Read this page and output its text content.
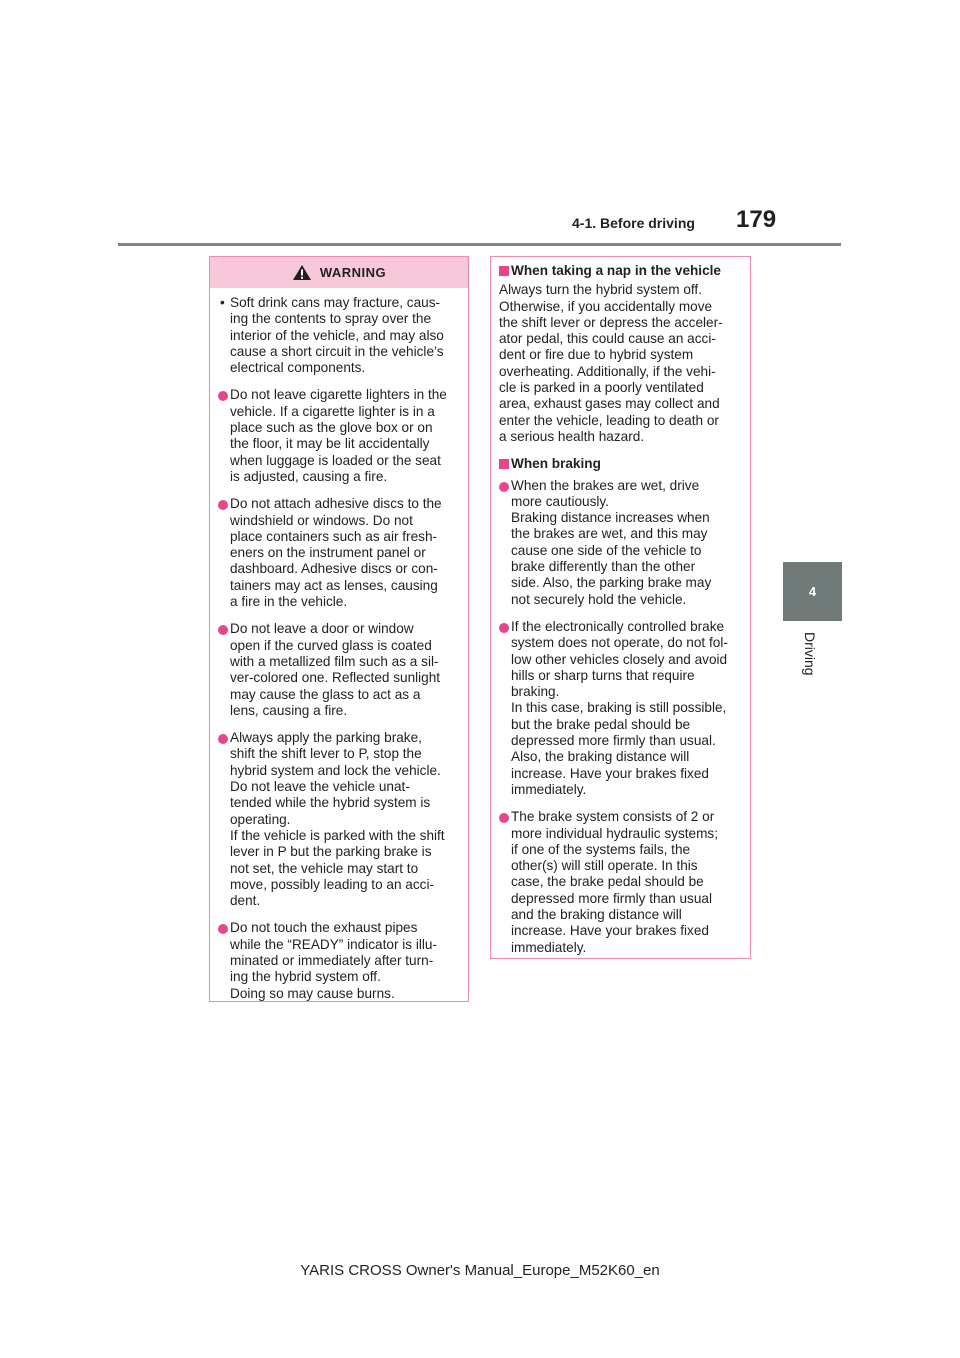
4-1. Before driving 179
4
Driving
WARNING
• Soft drink cans may fracture, caus-
ing the contents to spray over the
interior of the vehicle, and may also
cause a short circuit in the vehicle’s
electrical components.
Do not leave cigarette lighters in the
vehicle. If a cigarette lighter is in a
place such as the glove box or on
the floor, it may be lit accidentally
when luggage is loaded or the seat
is adjusted, causing a fire.
Do not attach adhesive discs to the
windshield or windows. Do not
place containers such as air fresh-
eners on the instrument panel or
dashboard. Adhesive discs or con-
tainers may act as lenses, causing
a fire in the vehicle.
Do not leave a door or window
open if the curved glass is coated
with a metallized film such as a sil-
ver-colored one. Reflected sunlight
may cause the glass to act as a
lens, causing a fire.
Always apply the parking brake,
shift the shift lever to P, stop the
hybrid system and lock the vehicle.
Do not leave the vehicle unat-
tended while the hybrid system is
operating.
If the vehicle is parked with the shift
lever in P but the parking brake is
not set, the vehicle may start to
move, possibly leading to an acci-
dent.
Do not touch the exhaust pipes
while the “READY” indicator is illu-
minated or immediately after turn-
ing the hybrid system off.
Doing so may cause burns.
When taking a nap in the vehicle
Always turn the hybrid system off.
Otherwise, if you accidentally move
the shift lever or depress the acceler-
ator pedal, this could cause an acci-
dent or fire due to hybrid system
overheating. Additionally, if the vehi-
cle is parked in a poorly ventilated
area, exhaust gases may collect and
enter the vehicle, leading to death or
a serious health hazard.
When braking
When the brakes are wet, drive
more cautiously.
Braking distance increases when
the brakes are wet, and this may
cause one side of the vehicle to
brake differently than the other
side. Also, the parking brake may
not securely hold the vehicle.
If the electronically controlled brake
system does not operate, do not fol-
low other vehicles closely and avoid
hills or sharp turns that require
braking.
In this case, braking is still possible,
but the brake pedal should be
depressed more firmly than usual.
Also, the braking distance will
increase. Have your brakes fixed
immediately.
The brake system consists of 2 or
more individual hydraulic systems;
if one of the systems fails, the
other(s) will still operate. In this
case, the brake pedal should be
depressed more firmly than usual
and the braking distance will
increase. Have your brakes fixed
immediately.
YARIS CROSS Owner's Manual_Europe_M52K60_en
